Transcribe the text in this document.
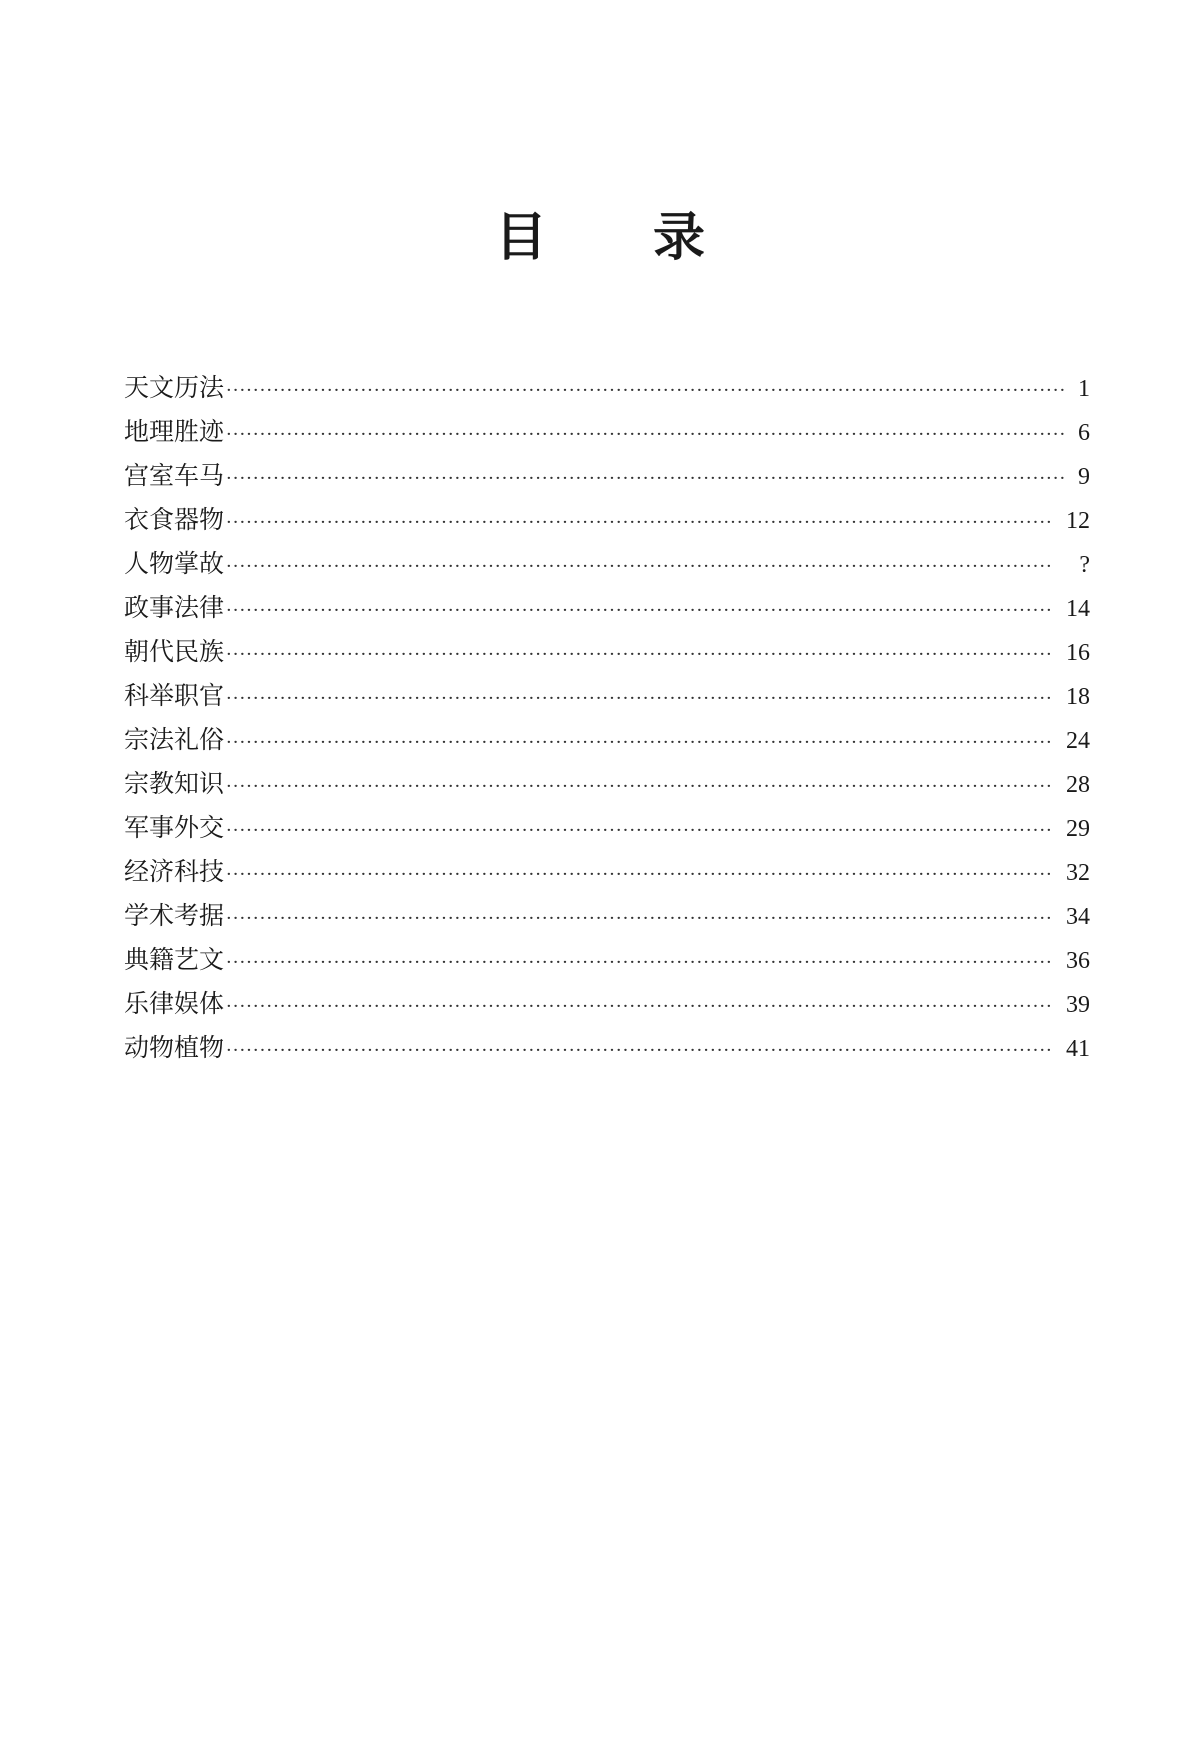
目 录
天文历法 ·····	1
地理胜迹 ·····	6
宫室车马 ·····	9
衣食器物 ·····	12
人物掌故 ·····	?
政事法律 ·····	14
朝代民族 ·····	16
科举职官 ·····	18
宗法礼俗 ·····	24
宗教知识 ·····	28
军事外交 ·····	29
经济科技 ·····	32
学术考据 ·····	34
典籍艺文 ·····	36
乐律娱体 ·····	39
动物植物 ·····	41
